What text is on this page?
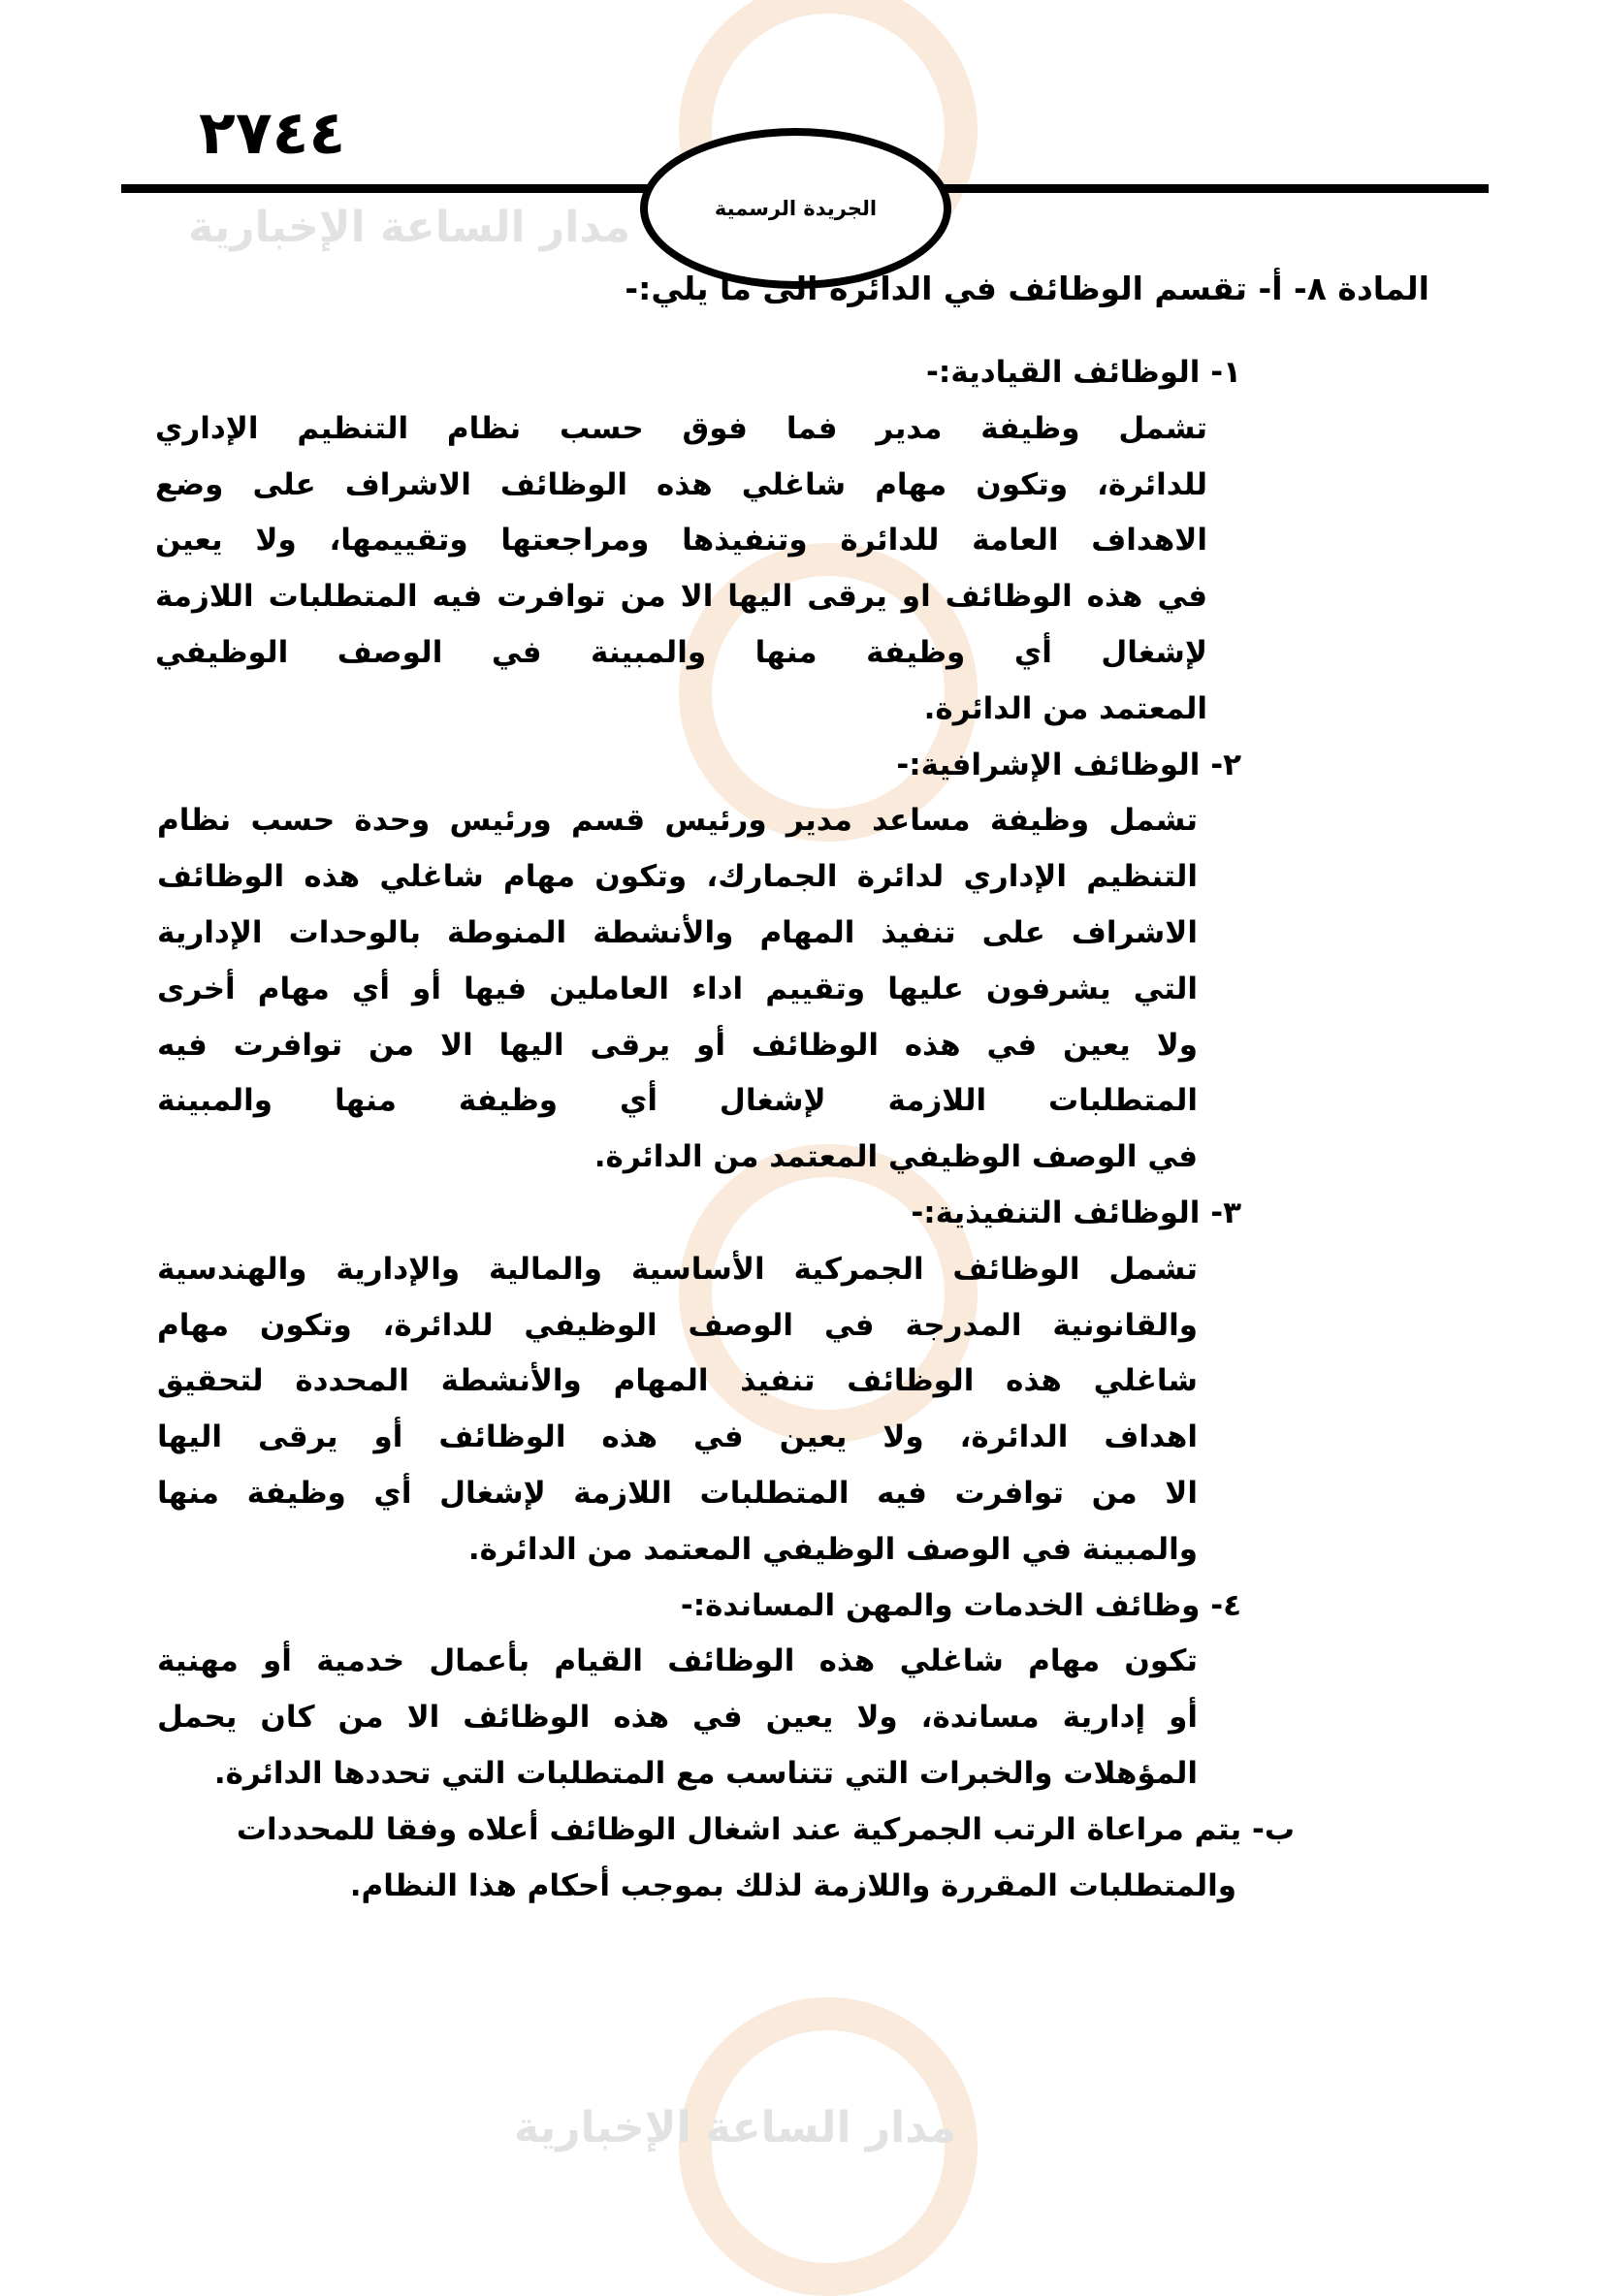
٢٧٤٤
الجريدة الرسمية
مدار الساعة الإخبارية
مدار الساعة الإخبارية
المادة ٨- أ- تقسم الوظائف في الدائرة الى ما يلي:-
١- الوظائف القيادية:-
تشمل وظيفة مدير فما فوق حسب نظام التنظيم الإداري
للدائرة، وتكون مهام شاغلي هذه الوظائف الاشراف على وضع
الاهداف العامة للدائرة وتنفيذها ومراجعتها وتقييمها، ولا يعين
في هذه الوظائف او يرقى اليها الا من توافرت فيه المتطلبات اللازمة
لإشغال أي وظيفة منها والمبينة في الوصف الوظيفي
المعتمد من الدائرة.
٢- الوظائف الإشرافية:-
تشمل وظيفة مساعد مدير ورئيس قسم ورئيس وحدة حسب نظام
التنظيم الإداري لدائرة الجمارك، وتكون مهام شاغلي هذه الوظائف
الاشراف على تنفيذ المهام والأنشطة المنوطة بالوحدات الإدارية
التي يشرفون عليها وتقييم اداء العاملين فيها أو أي مهام أخرى
ولا يعين في هذه الوظائف أو يرقى اليها الا من توافرت فيه
المتطلبات اللازمة لإشغال أي وظيفة منها والمبينة
في الوصف الوظيفي المعتمد من الدائرة.
٣- الوظائف التنفيذية:-
تشمل الوظائف الجمركية الأساسية والمالية والإدارية والهندسية
والقانونية المدرجة في الوصف الوظيفي للدائرة، وتكون مهام
شاغلي هذه الوظائف تنفيذ المهام والأنشطة المحددة لتحقيق
اهداف الدائرة، ولا يعين في هذه الوظائف أو يرقى اليها
الا من توافرت فيه المتطلبات اللازمة لإشغال أي وظيفة منها
والمبينة في الوصف الوظيفي المعتمد من الدائرة.
٤- وظائف الخدمات والمهن المساندة:-
تكون مهام شاغلي هذه الوظائف القيام بأعمال خدمية أو مهنية
أو إدارية مساندة، ولا يعين في هذه الوظائف الا من كان يحمل
المؤهلات والخبرات التي تتناسب مع المتطلبات التي تحددها الدائرة.
ب- يتم مراعاة الرتب الجمركية عند اشغال الوظائف أعلاه وفقا للمحددات
والمتطلبات المقررة واللازمة لذلك بموجب أحكام هذا النظام.
